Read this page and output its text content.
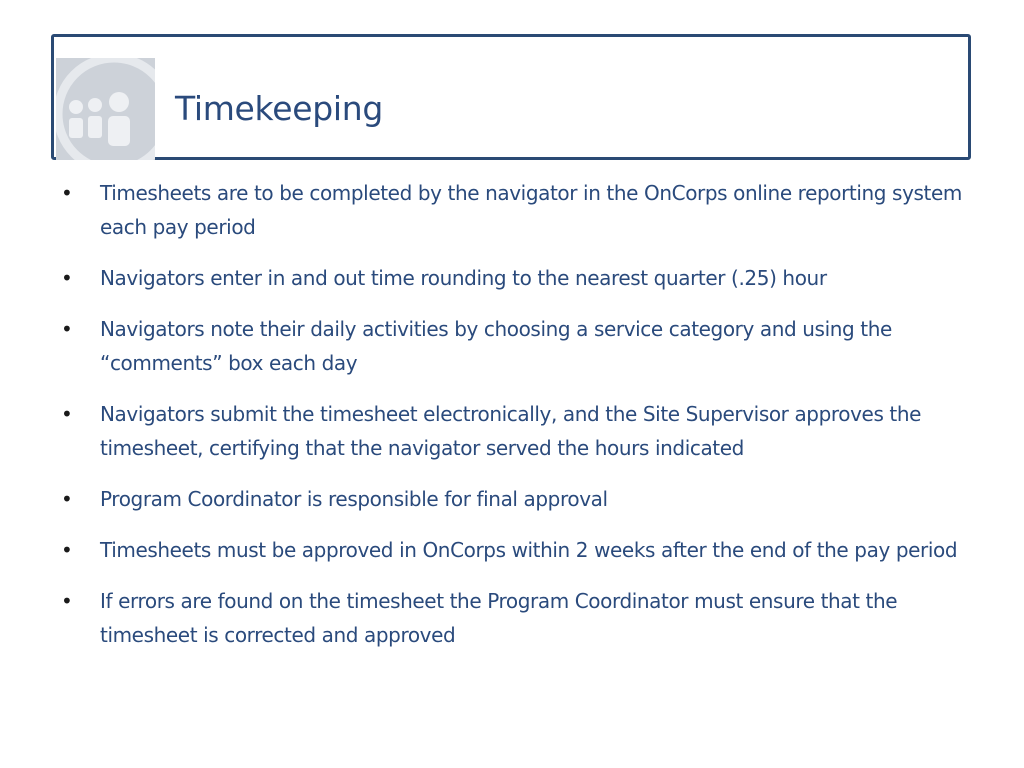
Timekeeping
• Timesheets are to be completed by the navigator in the OnCorps online reporting system each pay period
• Navigators enter in and out time rounding to the nearest quarter (.25) hour
• Navigators note their daily activities by choosing a service category and using the “comments” box each day
• Navigators submit the timesheet electronically, and the Site Supervisor approves the timesheet, certifying that the navigator served the hours indicated
• Program Coordinator is responsible for final approval
• Timesheets must be approved in OnCorps within 2 weeks after the end of the pay period
• If errors are found on the timesheet the Program Coordinator must ensure that the timesheet is corrected and approved
